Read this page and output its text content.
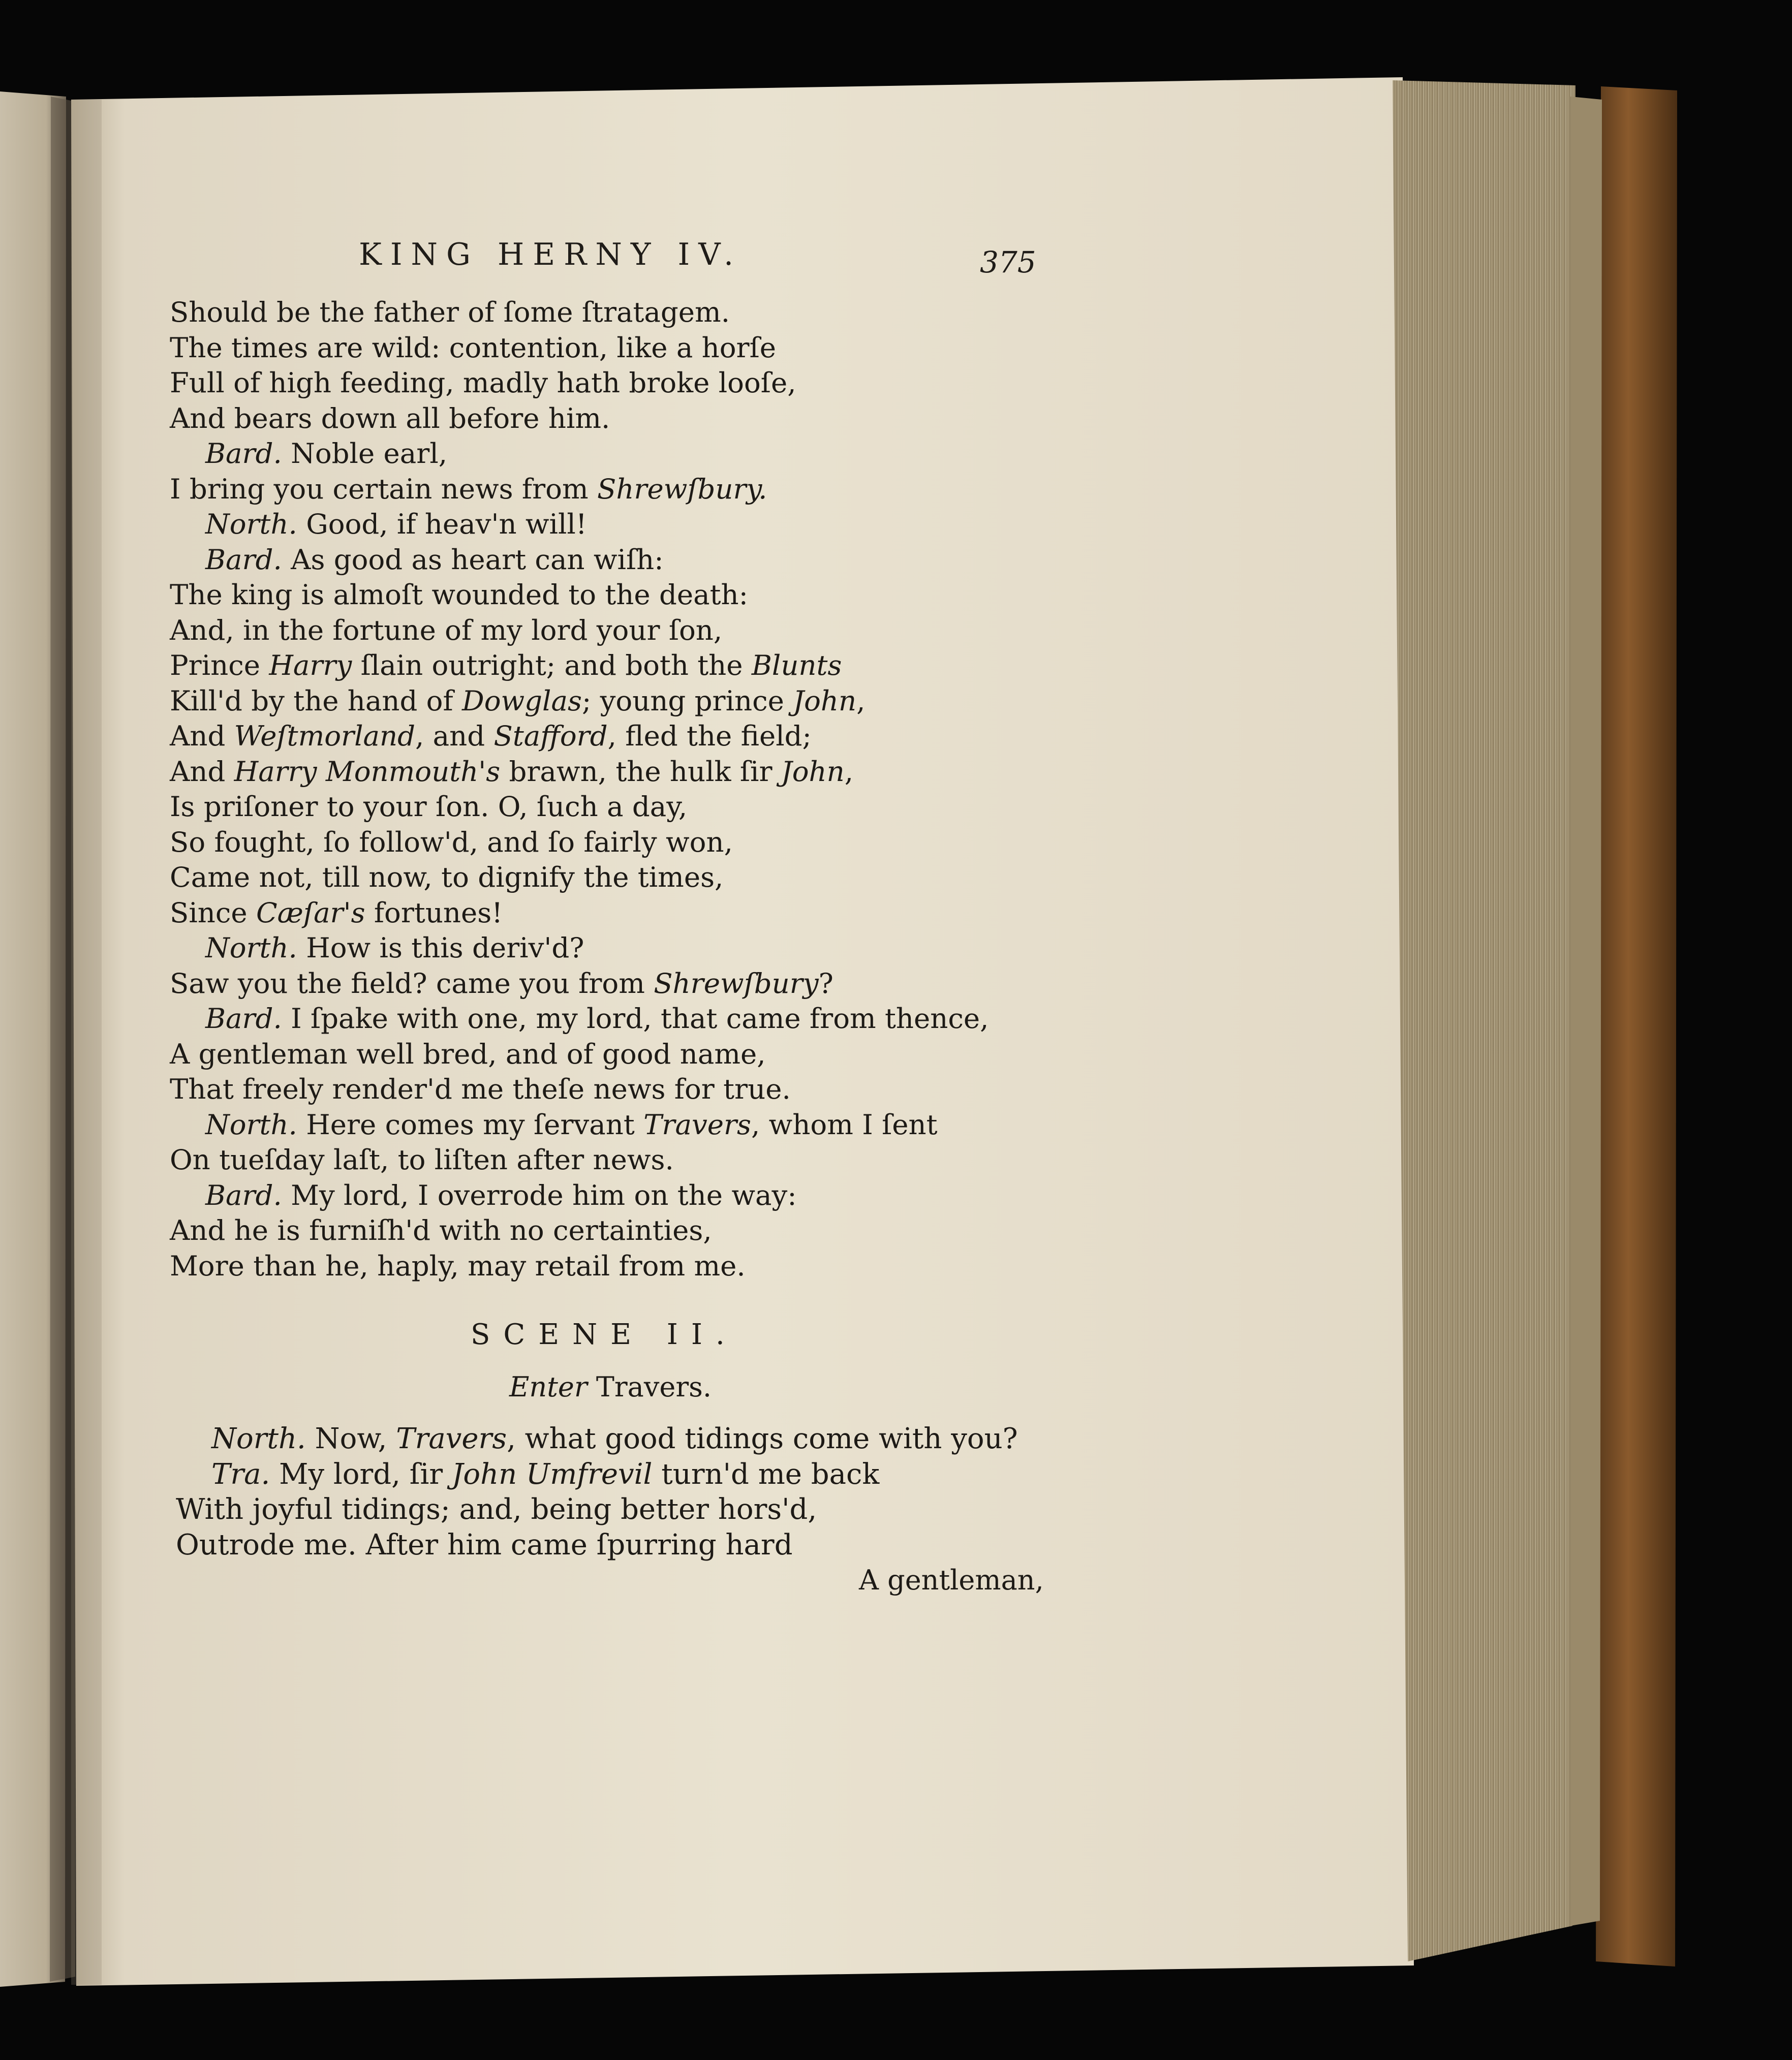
KING HERNY IV.	375
Should be the father of ſome ſtratagem.
The times are wild: contention, like a horſe
Full of high feeding, madly hath broke looſe,
And bears down all before him.
Bard. Noble earl,
I bring you certain news from Shrewſbury.
North. Good, if heav'n will!
Bard. As good as heart can wiſh:
The king is almoſt wounded to the death:
And, in the fortune of my lord your ſon,
Prince Harry ſlain outright; and both the Blunts
Kill'd by the hand of Dowglas; young prince John,
And Weſtmorland, and Stafford, fled the field;
And Harry Monmouth's brawn, the hulk ſir John,
Is priſoner to your ſon. O, ſuch a day,
So fought, ſo follow'd, and ſo fairly won,
Came not, till now, to dignify the times,
Since Cæſar's fortunes!
North. How is this deriv'd?
Saw you the field? came you from Shrewſbury?
Bard. I ſpake with one, my lord, that came from thence,
A gentleman well bred, and of good name,
That freely render'd me theſe news for true.
North. Here comes my ſervant Travers, whom I ſent
On tueſday laſt, to liſten after news.
Bard. My lord, I overrode him on the way:
And he is furniſh'd with no certainties,
More than he, haply, may retail from me.
SCENE II.
Enter Travers.
North. Now, Travers, what good tidings come with you?
Tra. My lord, ſir John Umfrevil turn'd me back
With joyful tidings; and, being better hors'd,
Outrode me. After him came ſpurring hard
A gentleman,
